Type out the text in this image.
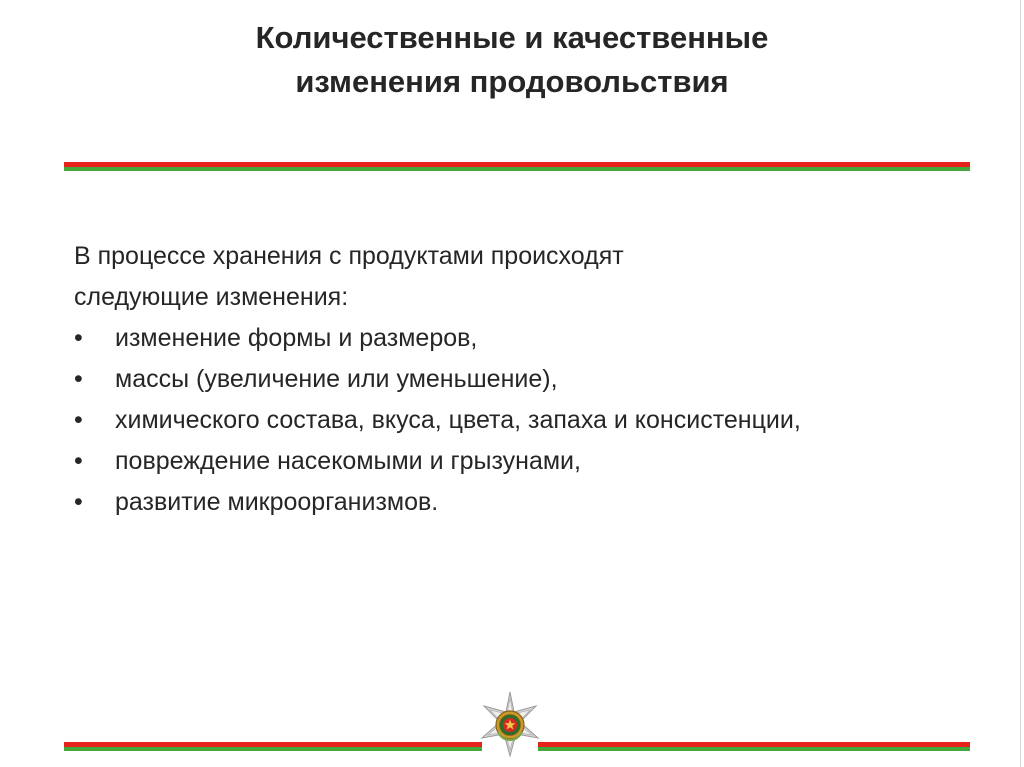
Количественные и качественные
изменения продовольствия
В процессе хранения с продуктами происходят
следующие изменения:
• изменение формы и размеров,
• массы (увеличение или уменьшение),
• химического состава, вкуса, цвета, запаха и консистенции,
• повреждение насекомыми и грызунами,
• развитие микроорганизмов.
